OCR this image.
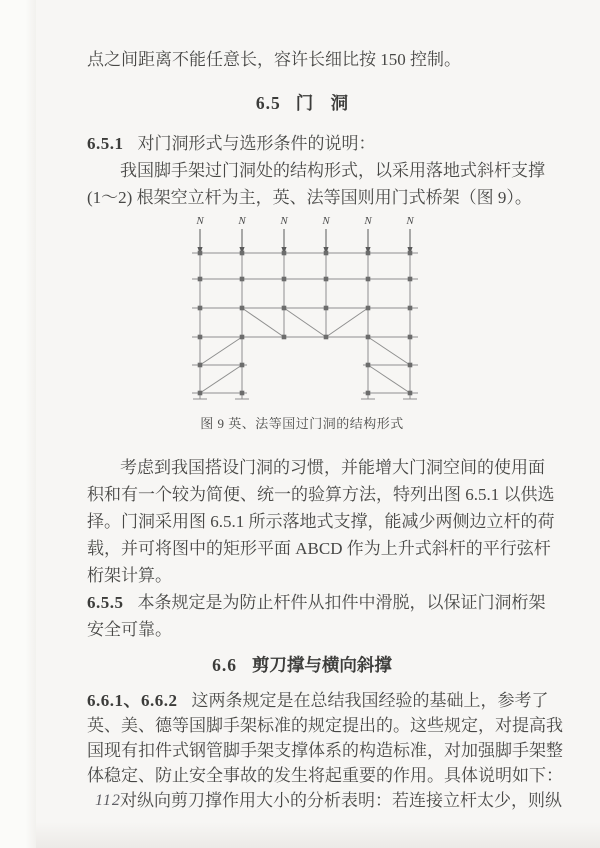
点之间距离不能任意长，容许长细比按 150 控制。
6.5 门 洞
6.5.1 对门洞形式与选形条件的说明：
我国脚手架过门洞处的结构形式，以采用落地式斜杆支撑
(1～2) 根架空立杆为主，英、法等国则用门式桥架（图 9）。
N	N	N	N	N	N
图 9 英、法等国过门洞的结构形式
考虑到我国搭设门洞的习惯，并能增大门洞空间的使用面
积和有一个较为简便、统一的验算方法，特列出图 6.5.1 以供选
择。门洞采用图 6.5.1 所示落地式支撑，能减少两侧边立杆的荷
载，并可将图中的矩形平面 ABCD 作为上升式斜杆的平行弦杆
桁架计算。
6.5.5 本条规定是为防止杆件从扣件中滑脱，以保证门洞桁架
安全可靠。
6.6 剪刀撑与横向斜撑
6.6.1、6.6.2 这两条规定是在总结我国经验的基础上，参考了
英、美、德等国脚手架标准的规定提出的。这些规定，对提高我
国现有扣件式钢管脚手架支撑体系的构造标准，对加强脚手架整
体稳定、防止安全事故的发生将起重要的作用。具体说明如下：
对纵向剪刀撑作用大小的分析表明：若连接立杆太少，则纵
112
